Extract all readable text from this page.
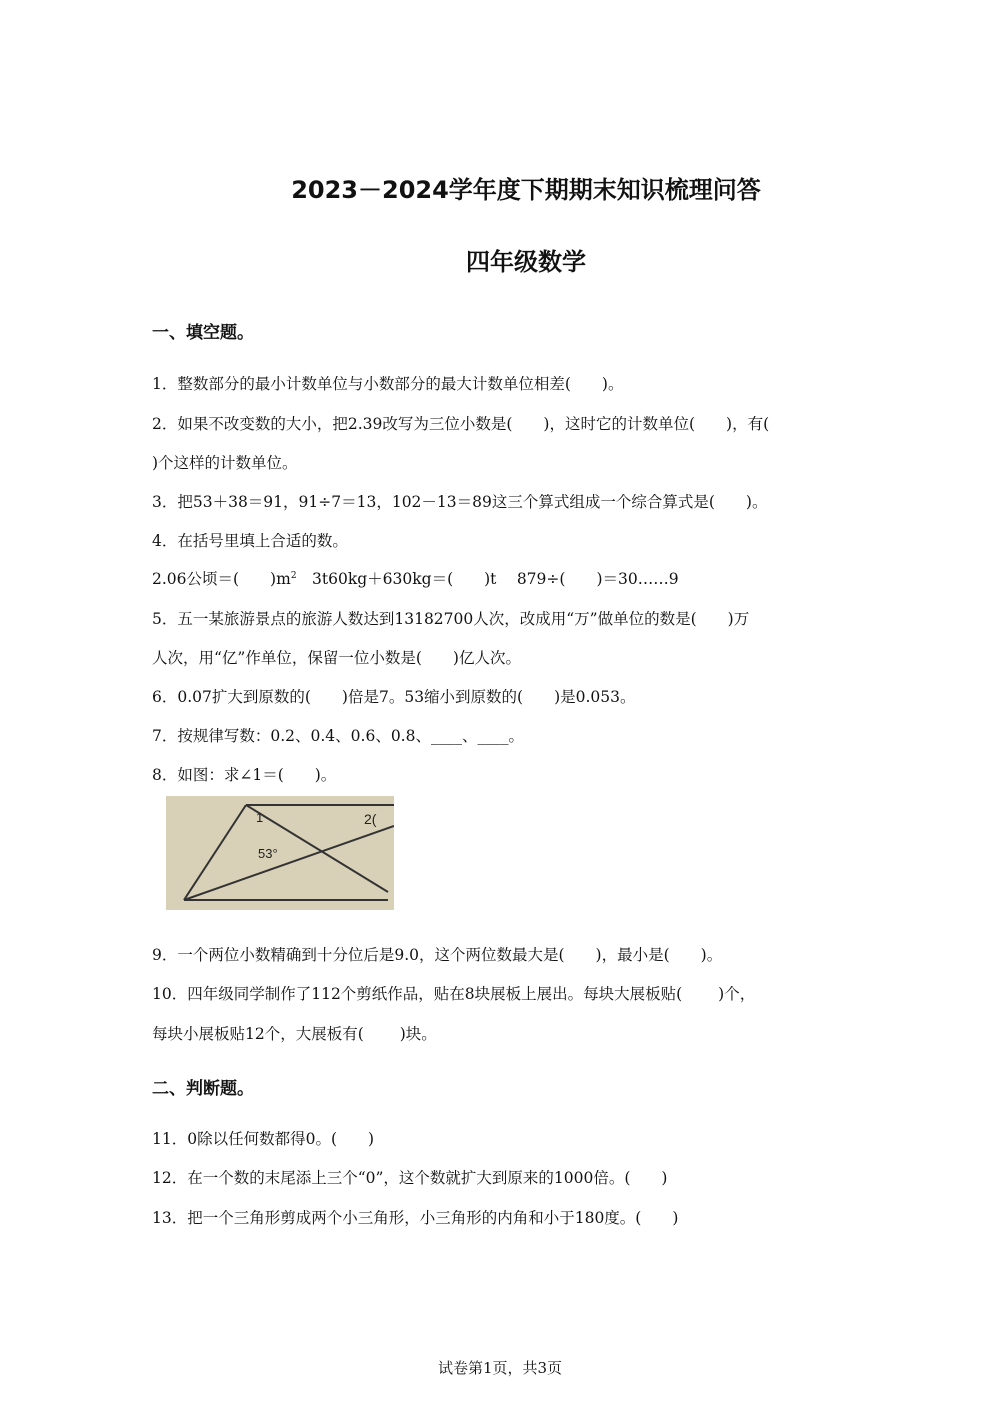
2023－2024学年度下期期末知识梳理问答
四年级数学
一、填空题。
1．整数部分的最小计数单位与小数部分的最大计数单位相差(　　)。
2．如果不改变数的大小，把2.39改写为三位小数是(　　)，这时它的计数单位(　　)，有(
)个这样的计数单位。
3．把53＋38＝91，91÷7＝13，102－13＝89这三个算式组成一个综合算式是(　　)。
4．在括号里填上合适的数。
2.06公顷＝(　　)$m^2$　3t60kg＋630kg＝(　　)t　 879÷(　　)＝30……9
5．五一某旅游景点的旅游人数达到13182700人次，改成用“万”做单位的数是(　　)万
人次，用“亿”作单位，保留一位小数是(　　)亿人次。
6．0.07扩大到原数的(　　)倍是7。53缩小到原数的(　　)是0.053。
7．按规律写数：0.2、0.4、0.6、0.8、____、____。
8．如图：求∠1＝(　　)。
1
53°
2(
9．一个两位小数精确到十分位后是9.0，这个两位数最大是(　　)，最小是(　　)。
10．四年级同学制作了112个剪纸作品，贴在8块展板上展出。每块大展板贴(　　 )个，
每块小展板贴12个，大展板有(　　 )块。
二、判断题。
11．0除以任何数都得0。(　　)
12．在一个数的末尾添上三个“0”，这个数就扩大到原来的1000倍。(　　)
13．把一个三角形剪成两个小三角形，小三角形的内角和小于180度。(　　)
试卷第1页，共3页
